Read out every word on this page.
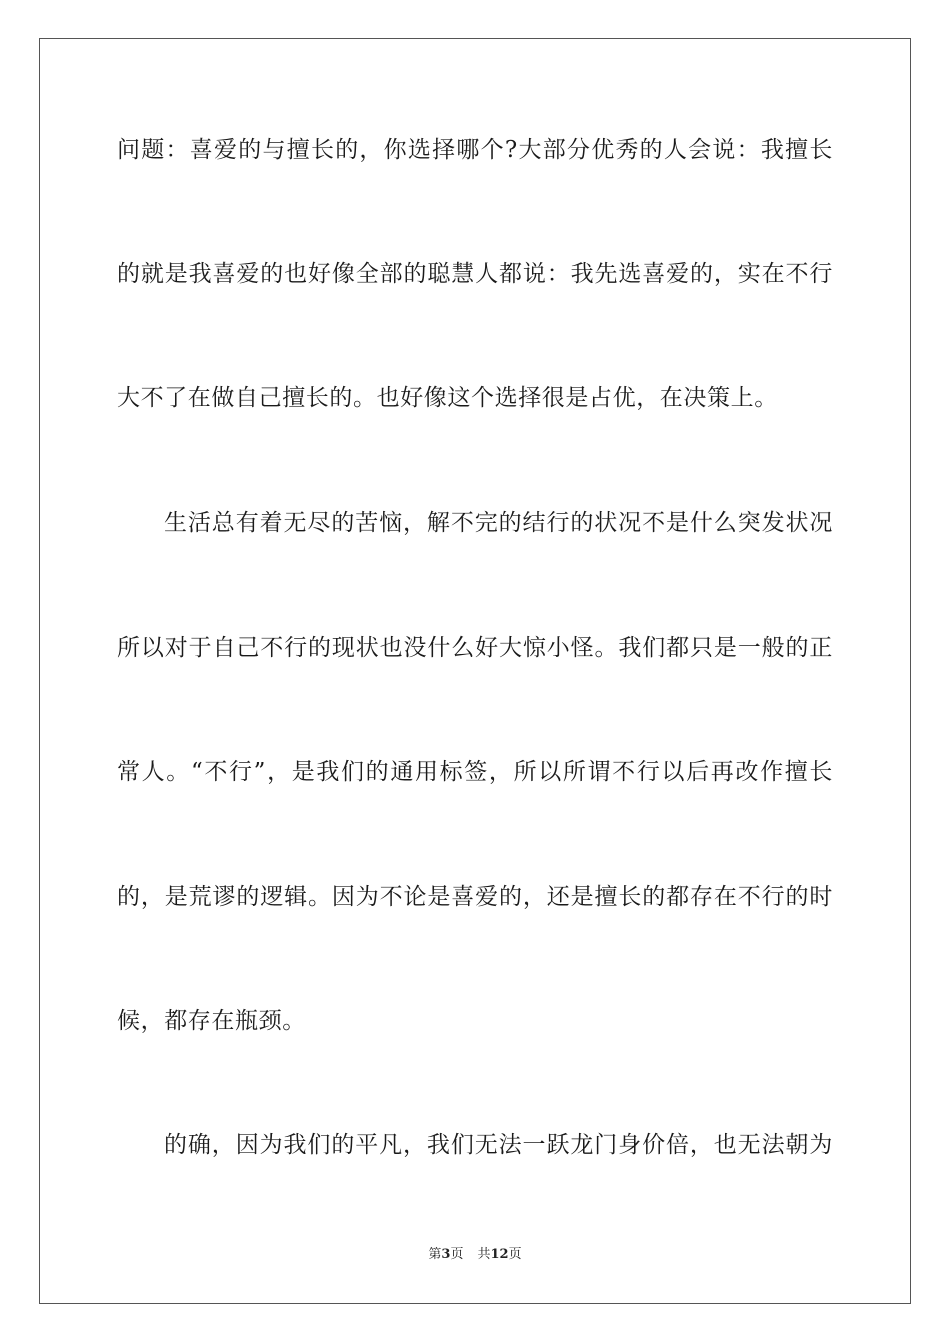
问题：喜爱的与擅长的，你选择哪个?大部分优秀的人会说：我擅长
的就是我喜爱的也好像全部的聪慧人都说：我先选喜爱的，实在不行
大不了在做自己擅长的。也好像这个选择很是占优，在决策上。
生活总有着无尽的苦恼，解不完的结行的状况不是什么突发状况
所以对于自己不行的现状也没什么好大惊小怪。我们都只是一般的正
常人。“不行”，是我们的通用标签，所以所谓不行以后再改作擅长
的，是荒谬的逻辑。因为不论是喜爱的，还是擅长的都存在不行的时
候，都存在瓶颈。
的确，因为我们的平凡，我们无法一跃龙门身价倍，也无法朝为
第3页 共12页
